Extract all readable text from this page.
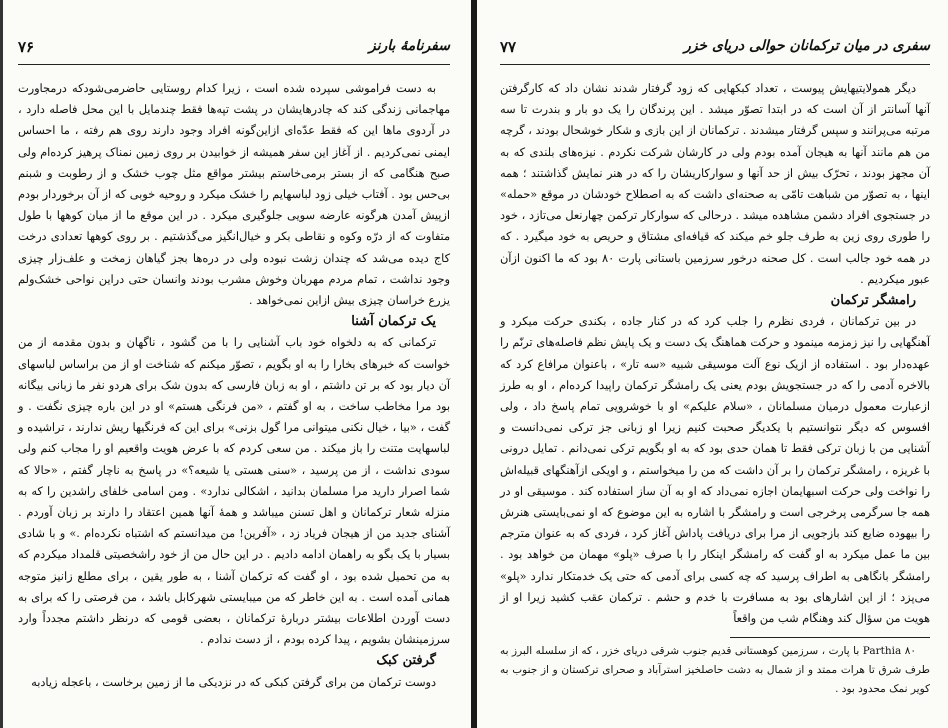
سفرنامهٔ بارنز
۷۶

به دست فراموشی سپرده شده است ، زیرا کدام روستایی حاضرمی‌شودکه درمجاورت مهاجمانی زندگی کند که چادرهایشان در پشت تپه‌ها فقط چندمایل با این محل فاصله دارد ، در آردوی ماها این که فقط عدّه‌ای ازاین‌گونه افراد وجود دارند روی هم رفته ، ما احساس ایمنی نمی‌کردیم . از آغاز این سفر همیشه از خوابیدن بر روی زمین نمناک پرهیز کرده‌ام ولی صبح هنگامی که از بستر برمی‌خاستم بیشتر مواقع مثل چوب خشک و از رطوبت و شبنم بی‌حس بود . آفتاب خیلی زود لباسهایم را خشک میکرد و روحیه خوبی که از آن برخوردار بودم ازپیش آمدن هرگونه عارضه سویی جلوگیری میکرد . در این موقع ما از میان کوهها با طول متفاوت که از درّه وکوه و نقاطی بکر و خیال‌انگیز می‌گذشتیم . بر روی کوهها تعدادی درخت کاج دیده می‌شد که چندان زشت نبوده ولی در دره‌ها بجز گیاهان زمخت و علف‌زار چیزی وجود نداشت ، تمام مردم مهربان وخوش مشرب بودند وانسان حتی دراین نواحی خشک‌ولم یزرع خراسان چیزی بیش ازاین نمی‌خواهد .

یک ترکمان آشنا

ترکمانی که به دلخواه خود باب آشنایی را با من گشود ، ناگهان و بدون مقدمه از من خواست که خبرهای بخارا را به او بگویم ، تصوّر میکنم که شناخت او از من براساس لباسهای آن دیار بود که بر تن داشتم ، او به زبان فارسی که بدون شک برای هردو نفر ما زبانی بیگانه بود مرا مخاطب ساخت ، به او گفتم ، «من فرنگی هستم» او در این باره چیزی نگفت . و گفت ، «بیا ، خیال نکنی میتوانی مرا گول بزنی» برای این که فرنگیها ریش ندارند ، تراشیده و لباسهایت متنت را باز میکند . من سعی کردم که با عرض هویت واقعیم او را مجاب کنم ولی سودی نداشت ، از من پرسید ، «سنی هستی یا شیعه؟» در پاسخ به ناچار گفتم ، «حالا که شما اصرار دارید مرا مسلمان بدانید ، اشکالی ندارد» . ومن اسامی خلفای راشدین را که به منزله شعار ترکمانان و اهل تسنن میباشد و همهٔ آنها همین اعتقاد را دارند بر زبان آوردم . آشنای جدید من از هیجان فریاد زد ، «آفرین! من میدانستم که اشتباه نکرده‌ام .» و با شادی بسیار با یک بگو به راهمان ادامه دادیم . در این حال من از خود راشخصیتی قلمداد میکردم که به من تحمیل شده بود ، او گفت که ترکمان آشنا ، به طور یقین ، برای مطلع زانیز متوجه همانی آمده است . به این خاطر که من میبایستی شهرکابل باشد ، من فرصتی را که برای به دست آوردن اطلاعات بیشتر دربارهٔ ترکمانان ، بعضی قومی که درنظر داشتم مجدداً وارد سرزمینشان بشویم ، پیدا کرده بودم ، از دست ندادم .

گرفتن کبک

دوست ترکمان من برای گرفتن کبکی که در نزدیکی ما از زمین برخاست ، باعجله زیادبه

سفری در میان ترکمانان حوالی دریای خزر
۷۷

دیگر همولایتیهایش پیوست ، تعداد کبکهایی که زود گرفتار شدند نشان داد که کارگرفتن آنها آسانتر از آن است که در ابتدا تصوّر میشد . این پرندگان را یک دو بار و بندرت تا سه مرتبه می‌پرانند و سپس گرفتار میشدند . ترکمانان از این بازی و شکار خوشحال بودند ، گرچه من هم مانند آنها به هیجان آمده بودم ولی در کارشان شرکت نکردم . نیزه‌های بلندی که به آن مجهز بودند ، تحرّک بیش از حد آنها و سوارکاریشان را که در هنر نمایش گذاشتند ؛ همه اینها ، به تصوّر من شباهت تامّی به صحنه‌ای داشت که به اصطلاح خودشان در موقع «حمله» در جستجوی افراد دشمن مشاهده میشد . درحالی که سوارکار ترکمن چهارنعل می‌تازد ، خود را طوری روی زین به طرف جلو خم میکند که قیافه‌ای مشتاق و حریص به خود میگیرد . که در همه خود جالب است . کل صحنه درخور سرزمین باستانی پارت ۸۰ بود که ما اکنون ازآن عبور میکردیم .

رامشگر ترکمان

در بین ترکمانان ، فردی نظرم را جلب کرد که در کنار جاده ، بکندی حرکت میکرد و آهنگهایی را نیز زمزمه مینمود و حرکت هماهنگ یک دست و یک پایش نظم فاصله‌های ترنّم را عهده‌دار بود . استفاده از ازیک نوع آلت موسیقی شبیه «سه تار» ، باعنوان مرافاع کرد که بالاخره آدمی را که در جستجویش بودم یعنی یک رامشگر ترکمان راپیدا کرده‌ام ، او به طرز ازعبارت معمول درمیان مسلمانان ، «سلام علیکم» او با خوشرویی تمام پاسخ داد ، ولی افسوس که دیگر نتوانستیم با یکدیگر صحبت کنیم زیرا او زبانی جز ترکی نمی‌دانست و آشنایی من با زبان ترکی فقط تا همان حدی بود که به او بگویم ترکی نمی‌دانم . تمایل درونی با غریزه ، رامشگر ترکمان را بر آن داشت که من را میخواستم ، و اویکی ازآهنگهای قبیله‌اش را نواخت ولی حرکت اسبهایمان اجازه نمی‌داد که او به آن ساز استفاده کند . موسیقی او در همه جا سرگرمی پرخرجی است و رامشگر با اشاره به این موضوع که او نمی‌بایستی هنرش را بیهوده ضایع کند بازجویی از مرا برای دریافت پاداش آغاز کرد ، فردی که به عنوان مترجم بین ما عمل میکرد به او گفت که رامشگر اینکار را با صرف «پلو» مهمان من خواهد بود . رامشگر بانگاهی به اطراف پرسید که چه کسی برای آدمی که حتی یک خدمتکار ندارد «پلو» می‌پزد ؛ از این اشارهای بود به مسافرت با خدم و حشم . ترکمان عقب کشید زیرا او از هویت من سؤال کند وهنگام شب من واقعاً

۸۰ Parthia با پارت ، سرزمین کوهستانی قدیم جنوب شرقی دریای خزر ، که از سلسله البرز به طرف شرق تا هرات ممتد و از شمال به دشت حاصلخیز استرآباد و صحرای ترکستان و از جنوب به کویر نمک محدود بود .
